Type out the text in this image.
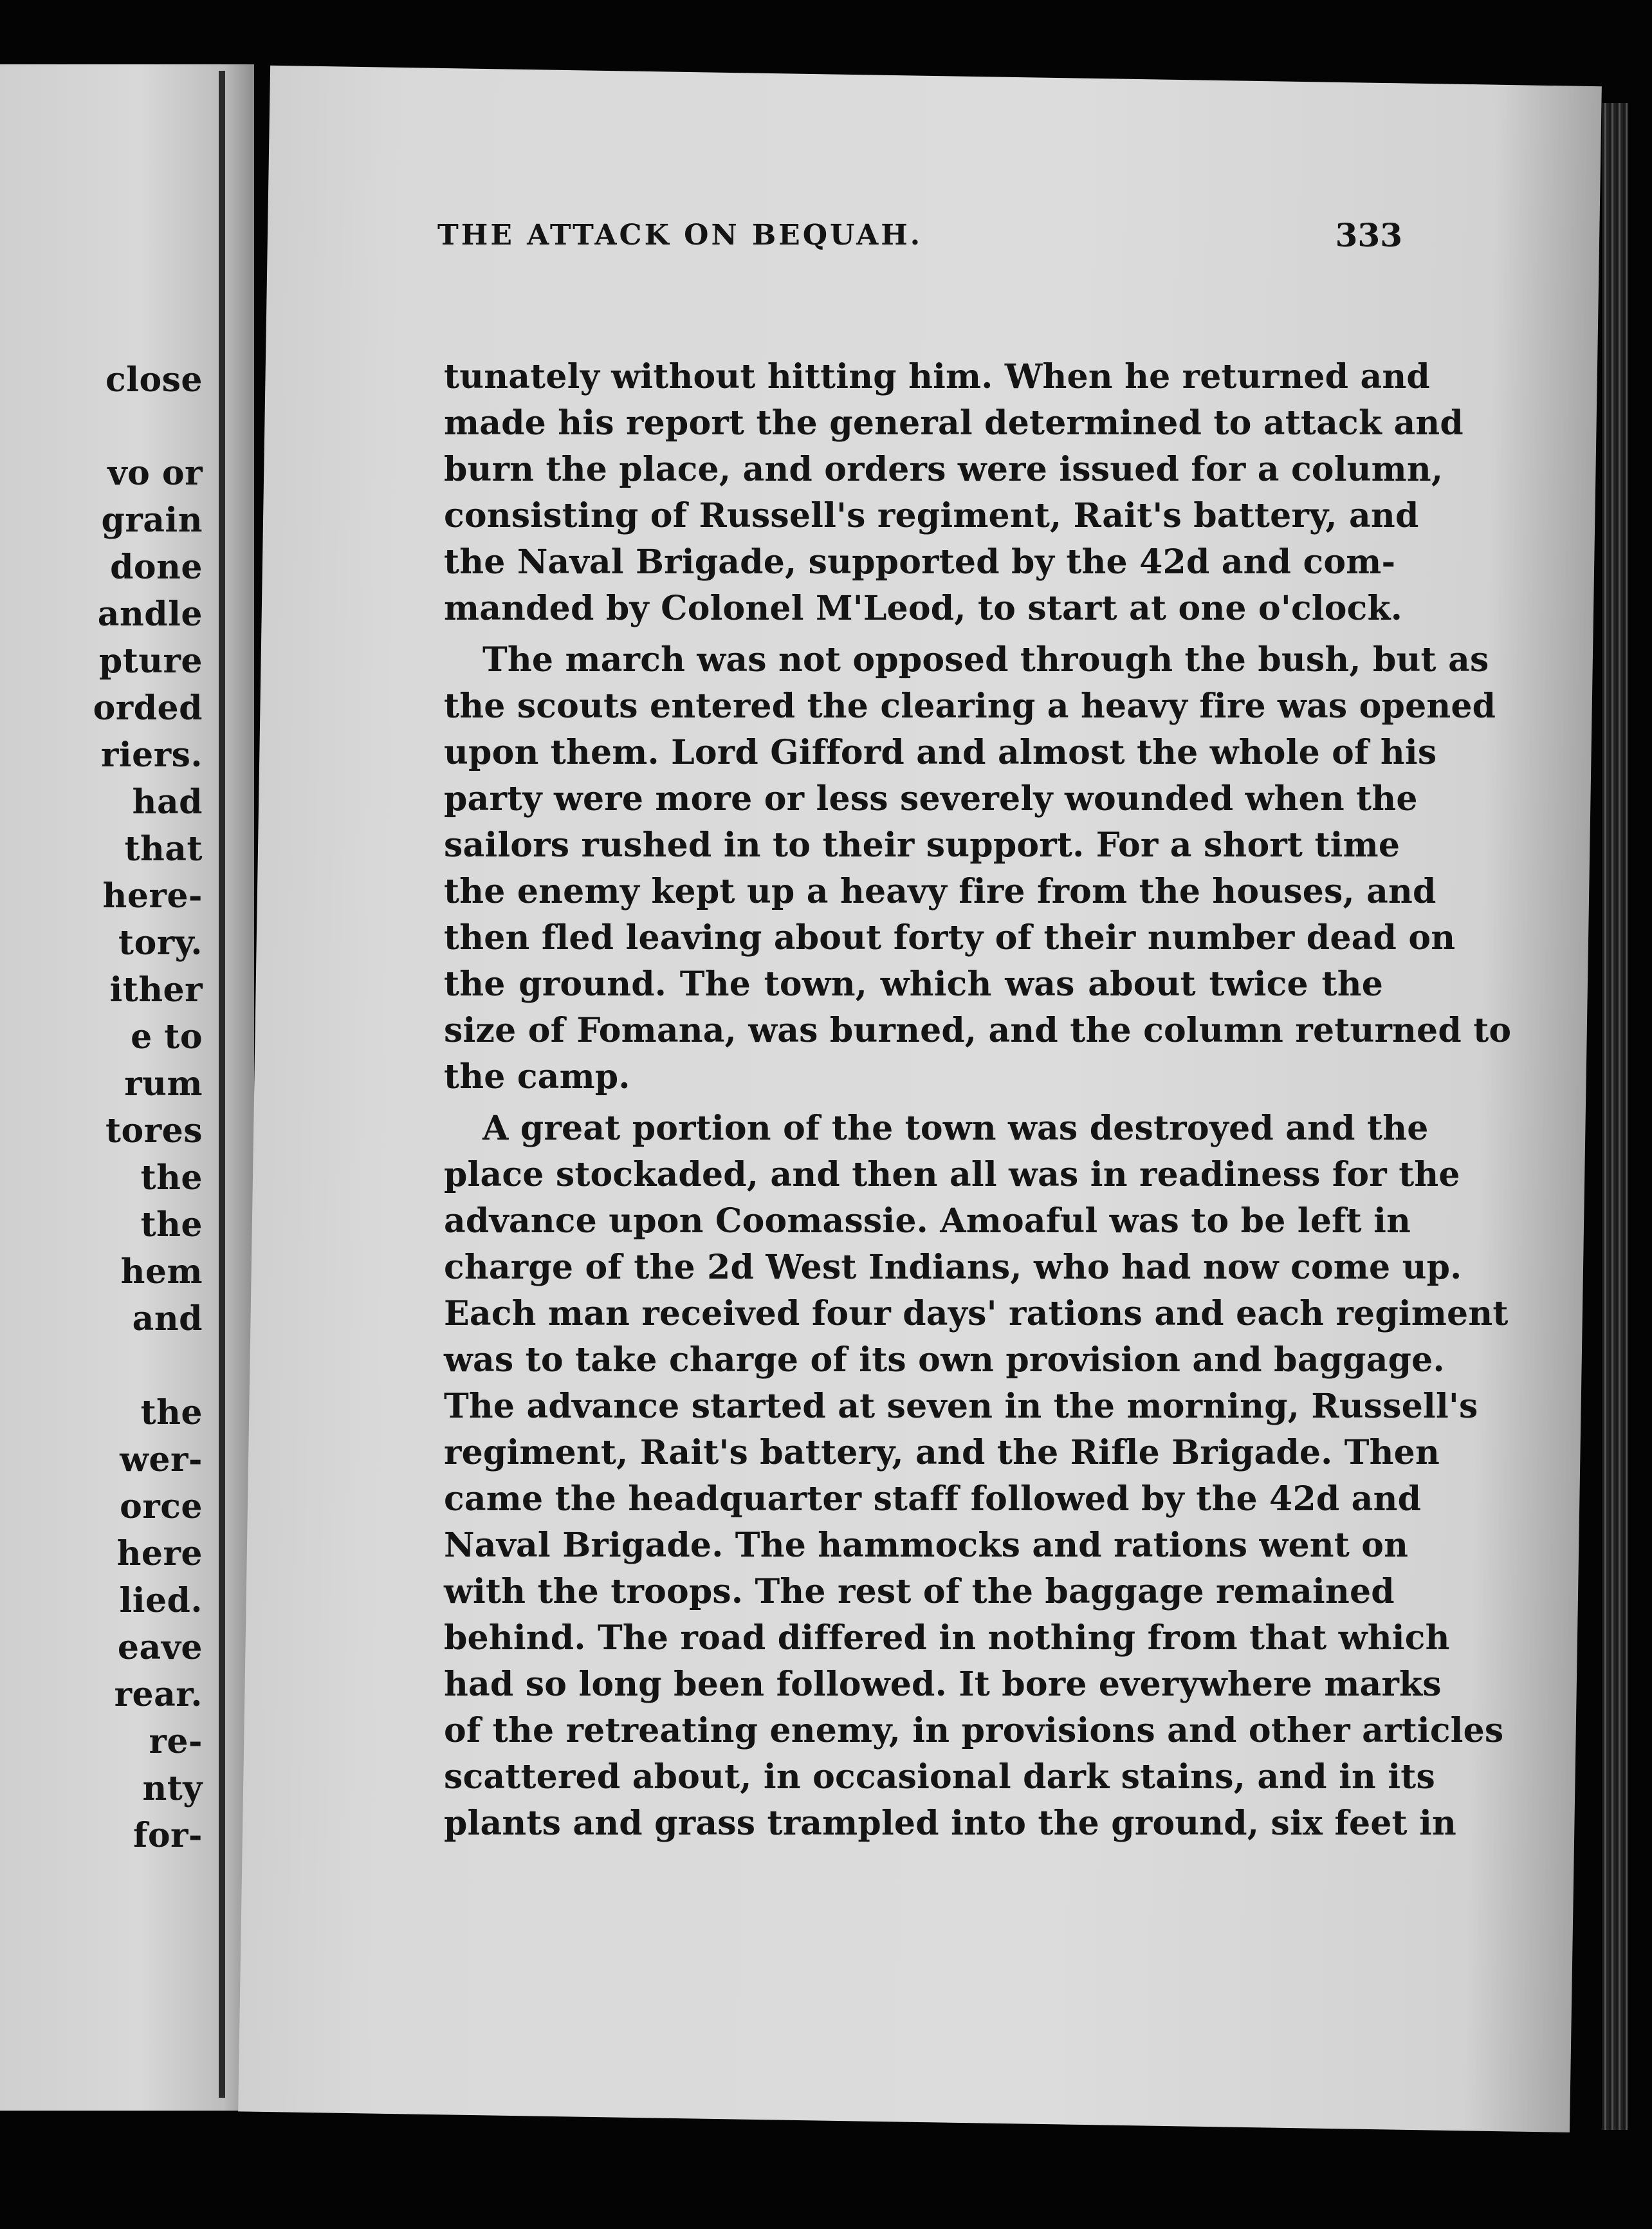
close
vo or
grain
done
andle
pture
orded
riers.
had
that
here-
tory.
ither
e to
rum
tores
the
the
hem
and
the
wer-
orce
here
lied.
eave
rear.
re-
nty
for-
THE ATTACK ON BEQUAH.	333
tunately without hitting him. When he returned and
made his report the general determined to attack and
burn the place, and orders were issued for a column,
consisting of Russell's regiment, Rait's battery, and
the Naval Brigade, supported by the 42d and com-
manded by Colonel M'Leod, to start at one o'clock.
The march was not opposed through the bush, but as
the scouts entered the clearing a heavy fire was opened
upon them. Lord Gifford and almost the whole of his
party were more or less severely wounded when the
sailors rushed in to their support. For a short time
the enemy kept up a heavy fire from the houses, and
then fled leaving about forty of their number dead on
the ground. The town, which was about twice the
size of Fomana, was burned, and the column returned to
the camp.
A great portion of the town was destroyed and the
place stockaded, and then all was in readiness for the
advance upon Coomassie. Amoaful was to be left in
charge of the 2d West Indians, who had now come up.
Each man received four days' rations and each regiment
was to take charge of its own provision and baggage.
The advance started at seven in the morning, Russell's
regiment, Rait's battery, and the Rifle Brigade. Then
came the headquarter staff followed by the 42d and
Naval Brigade. The hammocks and rations went on
with the troops. The rest of the baggage remained
behind. The road differed in nothing from that which
had so long been followed. It bore everywhere marks
of the retreating enemy, in provisions and other articles
scattered about, in occasional dark stains, and in its
plants and grass trampled into the ground, six feet in
